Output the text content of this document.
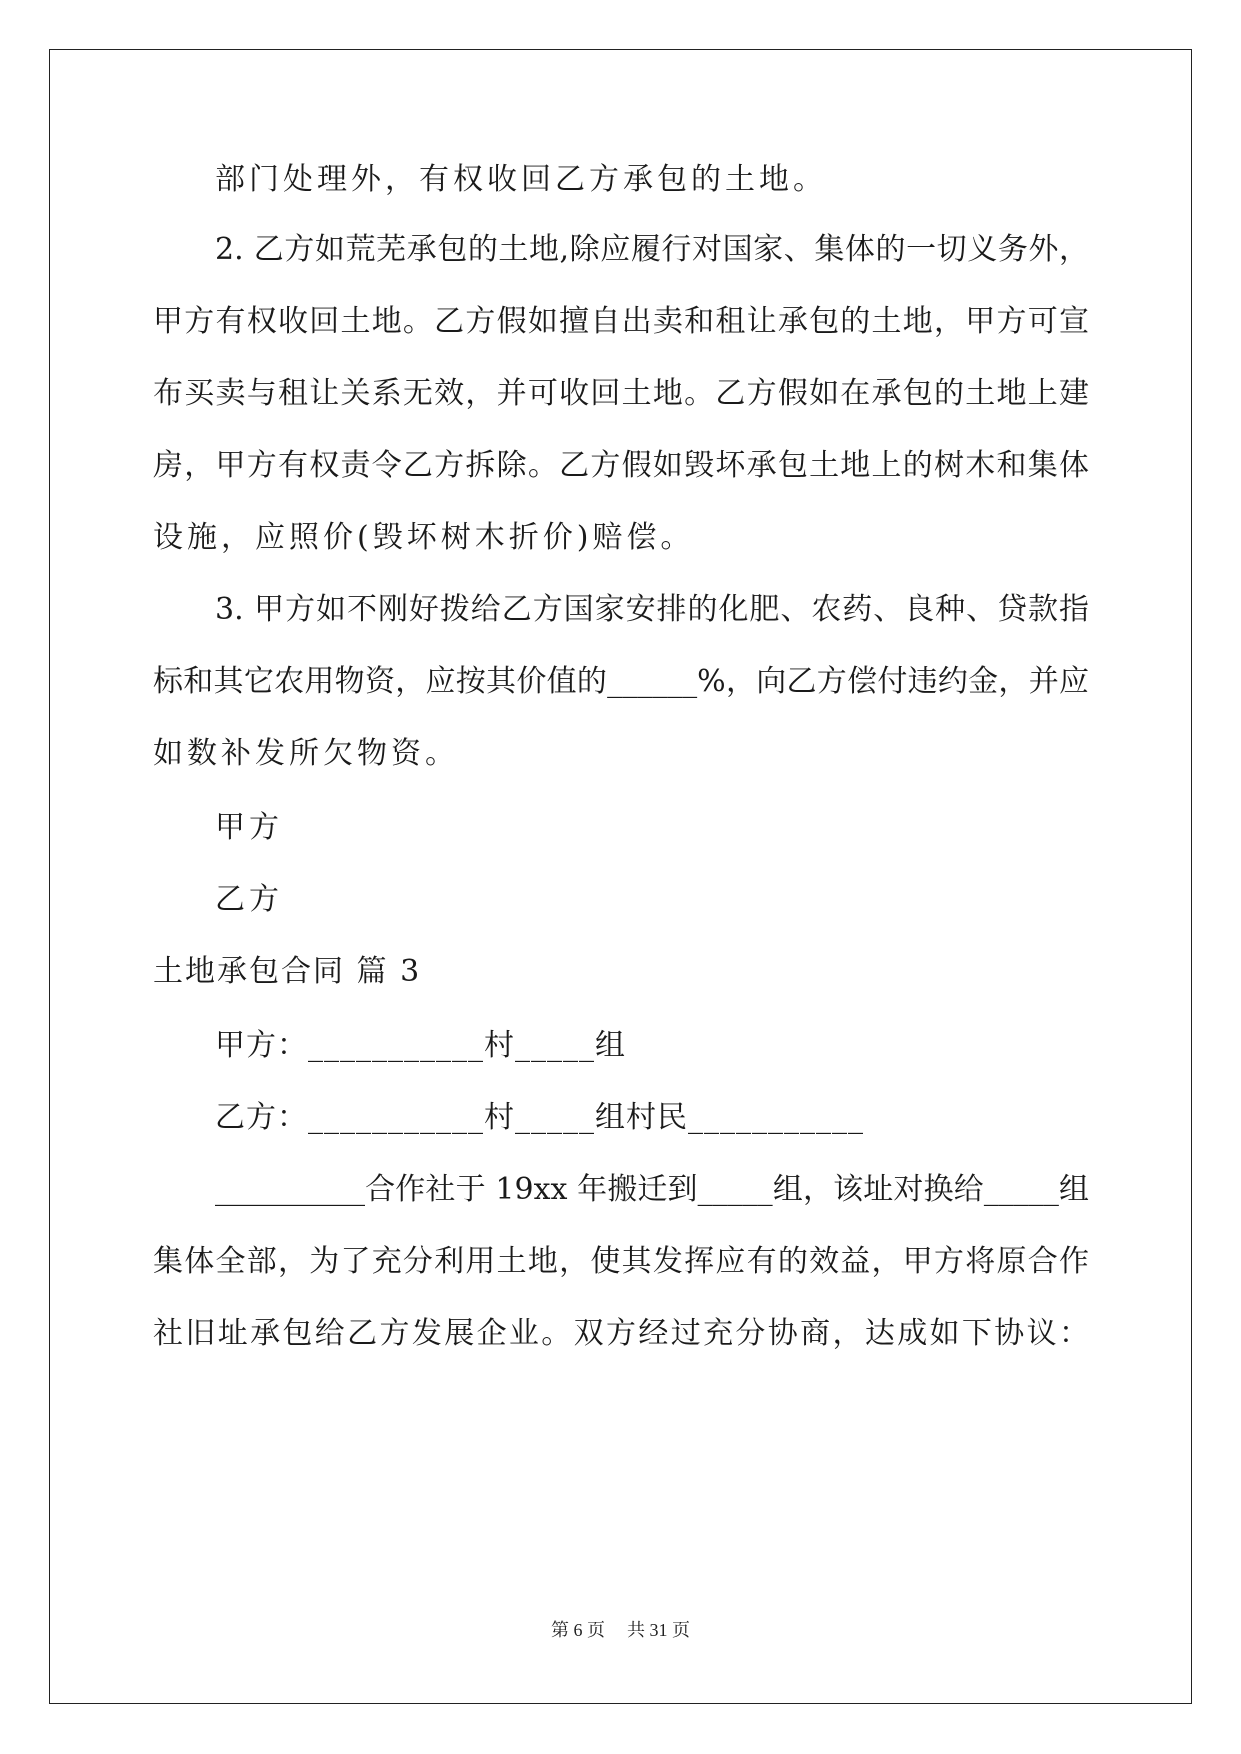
部门处理外，有权收回乙方承包的土地。
2. 乙方如荒芜承包的土地,除应履行对国家、集体的一切义务外，
甲方有权收回土地。乙方假如擅自出卖和租让承包的土地，甲方可宣
布买卖与租让关系无效，并可收回土地。乙方假如在承包的土地上建
房，甲方有权责令乙方拆除。乙方假如毁坏承包土地上的树木和集体
设施，应照价(毁坏树木折价)赔偿。
3. 甲方如不刚好拨给乙方国家安排的化肥、农药、良种、贷款指
标和其它农用物资，应按其价值的______%，向乙方偿付违约金，并应
如数补发所欠物资。
甲方
乙方
土地承包合同 篇 3
甲方：___________村_____组
乙方：___________村_____组村民___________
__________合作社于 19xx 年搬迁到_____组，该址对换给_____组
集体全部，为了充分利用土地，使其发挥应有的效益，甲方将原合作
社旧址承包给乙方发展企业。双方经过充分协商，达成如下协议：
第 6 页 共 31 页
